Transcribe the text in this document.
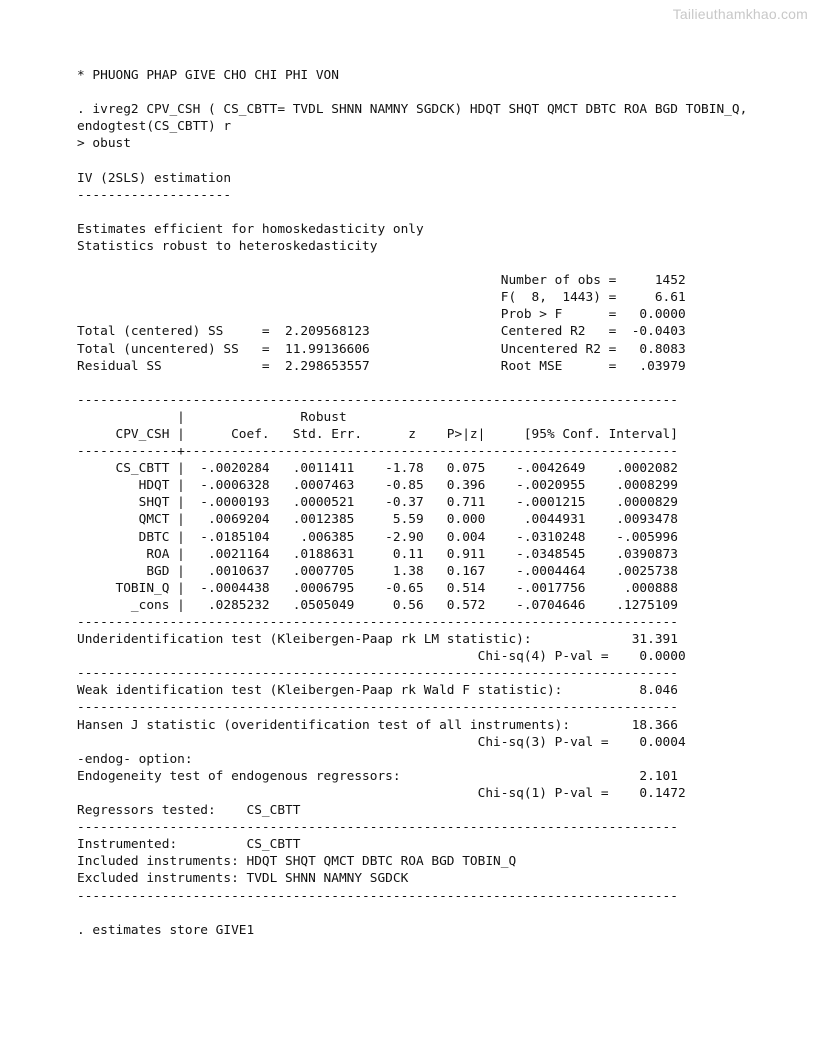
Tailieuthamkhao.com
* PHUONG PHAP GIVE CHO CHI PHI VON

. ivreg2 CPV_CSH ( CS_CBTT= TVDL SHNN NAMNY SGDCK) HDQT SHQT QMCT DBTC ROA BGD TOBIN_Q,
endogtest(CS_CBTT) r
> obust

IV (2SLS) estimation
--------------------

Estimates efficient for homoskedasticity only
Statistics robust to heteroskedasticity

Number of obs =     1452
F(  8,  1443) =     6.61
Prob > F      =   0.0000
Total (centered) SS     =  2.209568123                 Centered R2   =  -0.0403
Total (uncentered) SS   =  11.99136606                 Uncentered R2 =   0.8083
Residual SS             =  2.298653557                 Root MSE      =   .03979

------------------------------------------------------------------------------
|               Robust
CPV_CSH |      Coef.   Std. Err.      z    P>|z|     [95% Conf. Interval]
-------------+----------------------------------------------------------------
CS_CBTT |  -.0020284   .0011411    -1.78   0.075    -.0042649    .0002082
HDQT |  -.0006328   .0007463    -0.85   0.396    -.0020955    .0008299
SHQT |  -.0000193   .0000521    -0.37   0.711    -.0001215    .0000829
QMCT |   .0069204   .0012385     5.59   0.000     .0044931    .0093478
DBTC |  -.0185104    .006385    -2.90   0.004    -.0310248    -.005996
ROA |   .0021164   .0188631     0.11   0.911    -.0348545    .0390873
BGD |   .0010637   .0007705     1.38   0.167    -.0004464    .0025738
TOBIN_Q |  -.0004438   .0006795    -0.65   0.514    -.0017756     .000888
_cons |   .0285232   .0505049     0.56   0.572    -.0704646    .1275109
------------------------------------------------------------------------------
Underidentification test (Kleibergen-Paap rk LM statistic):             31.391
Chi-sq(4) P-val =    0.0000
------------------------------------------------------------------------------
Weak identification test (Kleibergen-Paap rk Wald F statistic):          8.046
------------------------------------------------------------------------------
Hansen J statistic (overidentification test of all instruments):        18.366
Chi-sq(3) P-val =    0.0004
-endog- option:
Endogeneity test of endogenous regressors:                               2.101
Chi-sq(1) P-val =    0.1472
Regressors tested:    CS_CBTT
------------------------------------------------------------------------------
Instrumented:         CS_CBTT
Included instruments: HDQT SHQT QMCT DBTC ROA BGD TOBIN_Q
Excluded instruments: TVDL SHNN NAMNY SGDCK
------------------------------------------------------------------------------

. estimates store GIVE1
